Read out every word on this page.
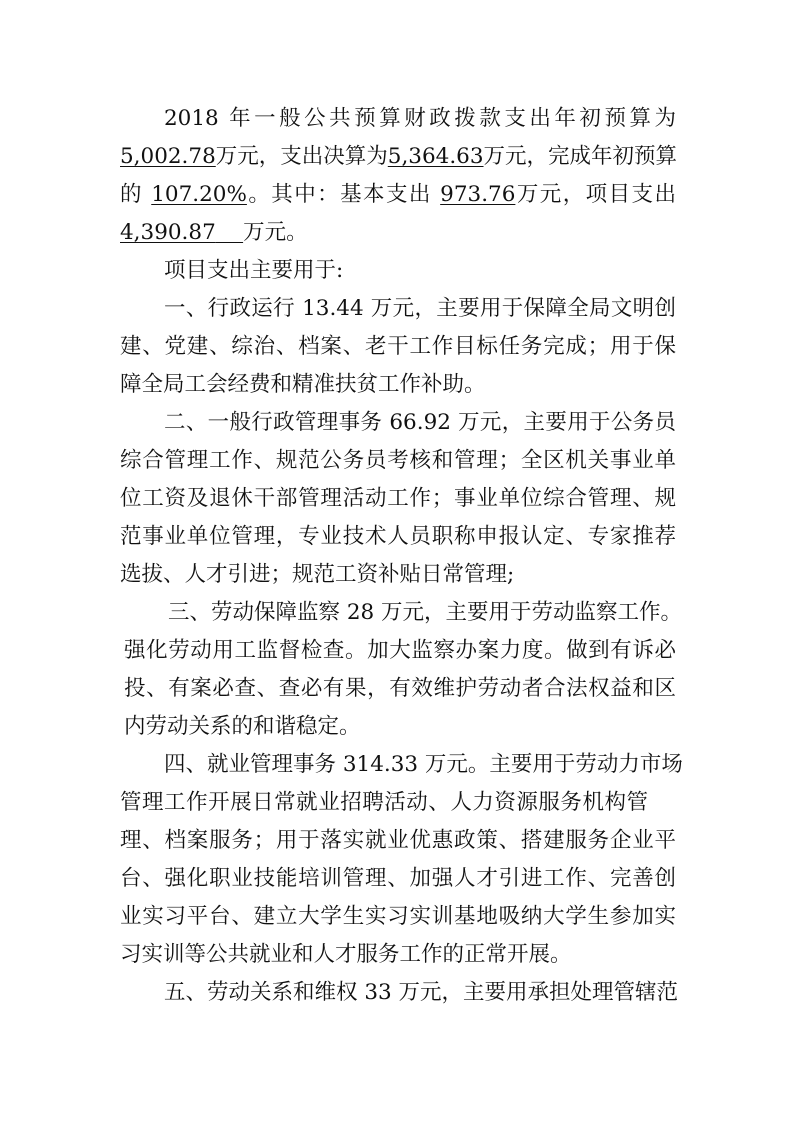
2018 年一般公共预算财政拨款支出年初预算为
5,002.78万元，支出决算为5,364.63万元，完成年初预算
的 107.20%。其中：基本支出 973.76万元，项目支出
4,390.87 万元。
项目支出主要用于:
一、行政运行 13.44 万元，主要用于保障全局文明创
建、党建、综治、档案、老干工作目标任务完成；用于保
障全局工会经费和精准扶贫工作补助。
二、一般行政管理事务 66.92 万元，主要用于公务员
综合管理工作、规范公务员考核和管理；全区机关事业单
位工资及退休干部管理活动工作；事业单位综合管理、规
范事业单位管理，专业技术人员职称申报认定、专家推荐
选拔、人才引进；规范工资补贴日常管理;
三、劳动保障监察 28 万元，主要用于劳动监察工作。
强化劳动用工监督检查。加大监察办案力度。做到有诉必
投、有案必查、查必有果，有效维护劳动者合法权益和区
内劳动关系的和谐稳定。
四、就业管理事务 314.33 万元。主要用于劳动力市场
管理工作开展日常就业招聘活动、人力资源服务机构管
理、档案服务；用于落实就业优惠政策、搭建服务企业平
台、强化职业技能培训管理、加强人才引进工作、完善创
业实习平台、建立大学生实习实训基地吸纳大学生参加实
习实训等公共就业和人才服务工作的正常开展。
五、劳动关系和维权 33 万元，主要用承担处理管辖范
